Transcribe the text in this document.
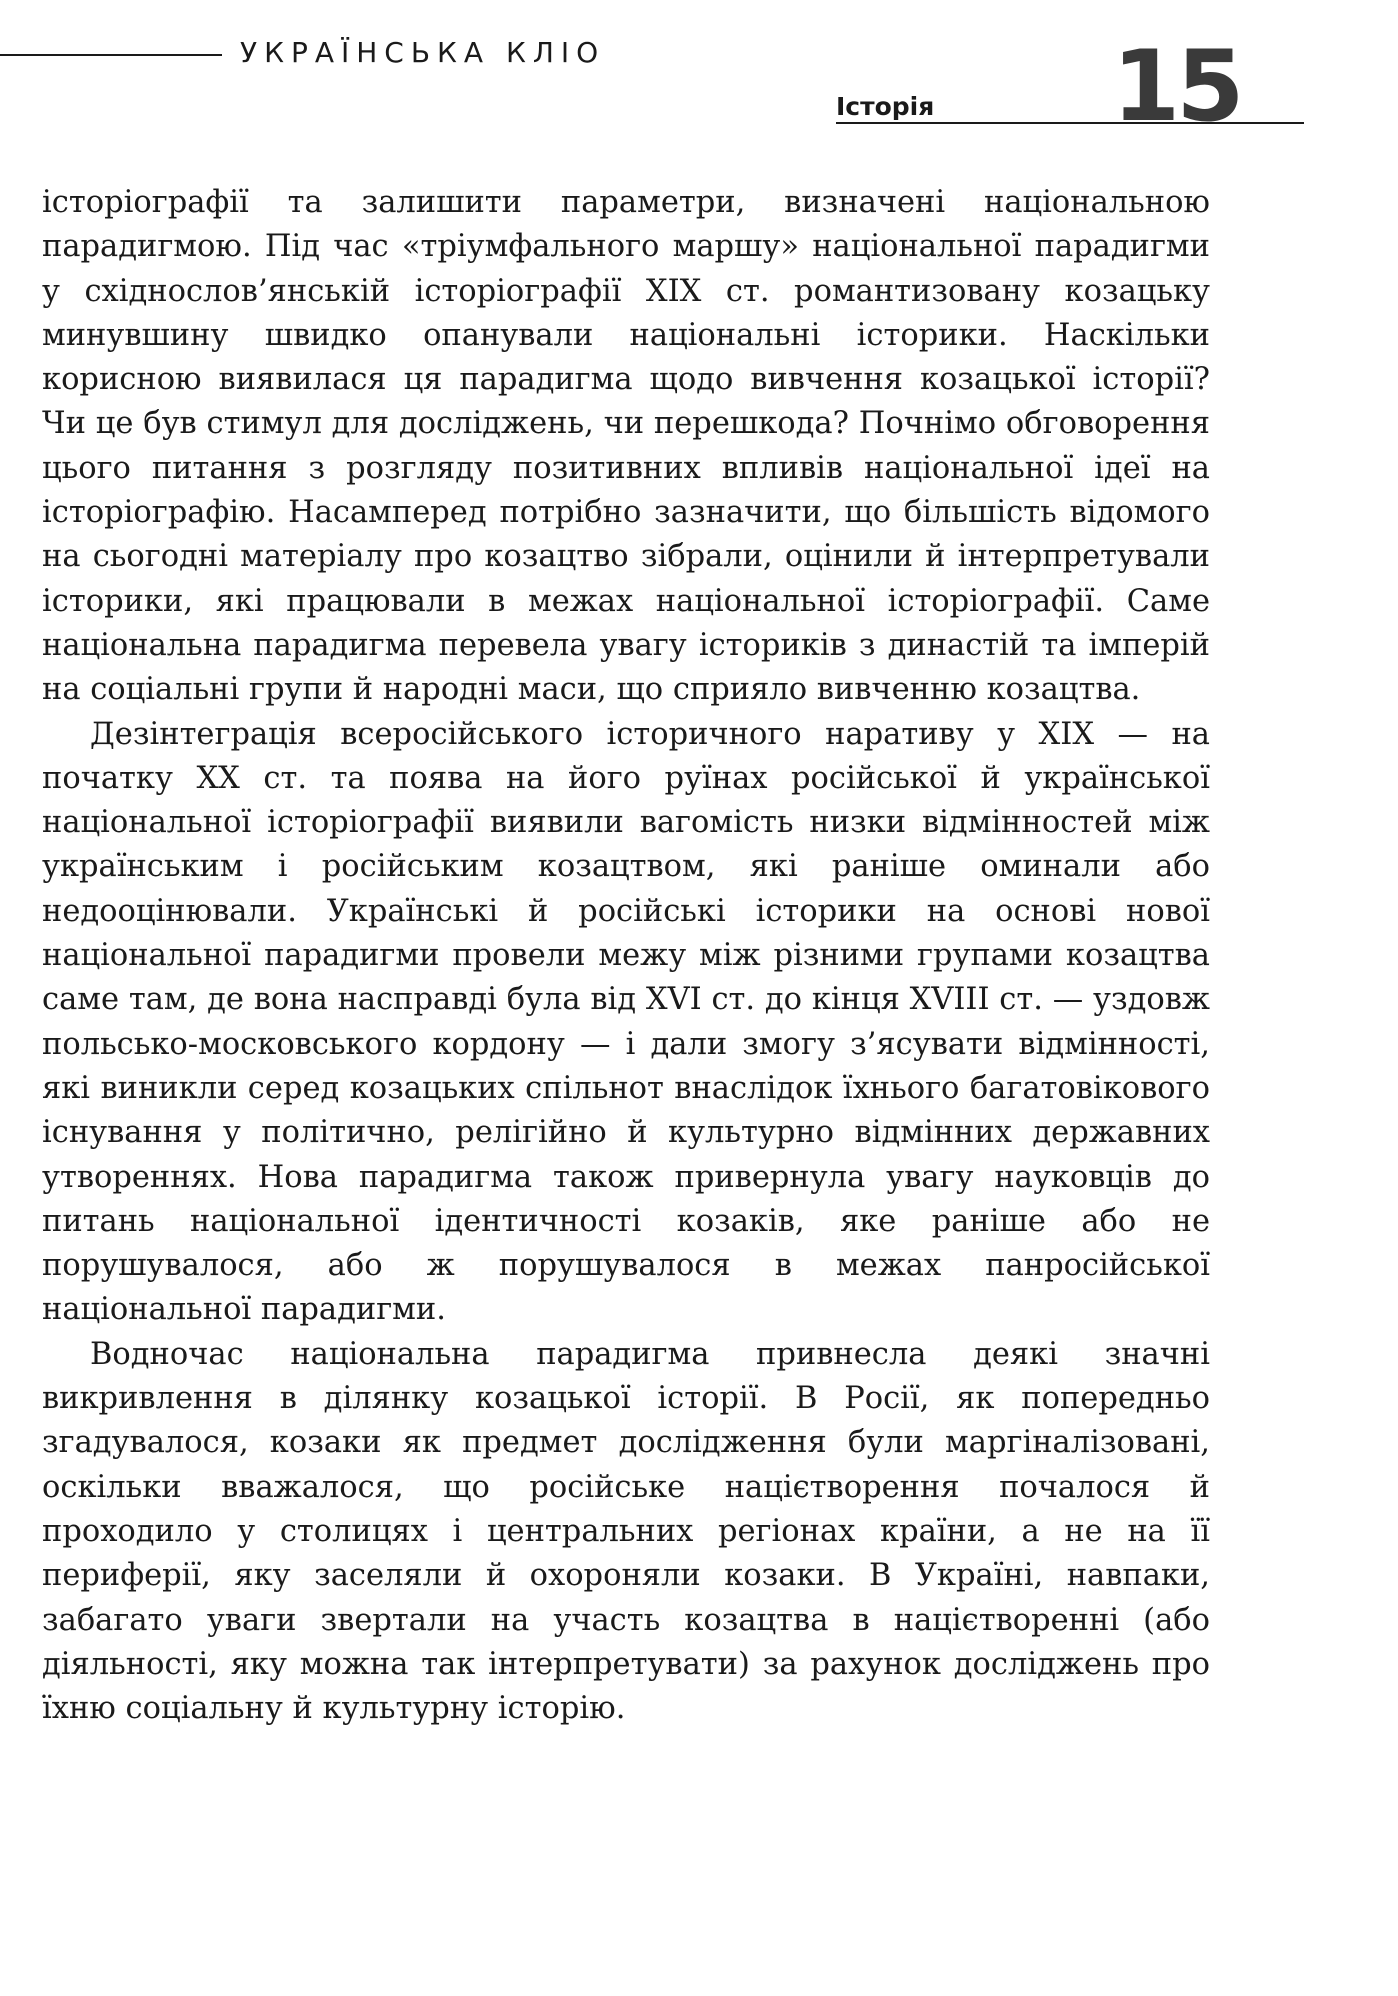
УКРАЇНСЬКА КЛІО
Історія 15

історіографії та залишити параметри, визначені національною парадигмою. Під час «тріумфального маршу» національної парадигми у східнослов’янській історіографії XIX ст. романтизовану козацьку минувшину швидко опанували національні історики. Наскільки корисною виявилася ця парадигма щодо вивчення козацької історії? Чи це був стимул для досліджень, чи перешкода? Почнімо обговорення цього питання з розгляду позитивних впливів національної ідеї на історіографію. Насамперед потрібно зазначити, що більшість відомого на сьогодні матеріалу про козацтво зібрали, оцінили й інтерпретували історики, які працювали в межах національної історіографії. Саме національна парадигма перевела увагу істориків з династій та імперій на соціальні групи й народні маси, що сприяло вивченню козацтва.

Дезінтеграція всеросійського історичного наративу у XIX — на початку XX ст. та поява на його руїнах російської й української національної історіографії виявили вагомість низки відмінностей між українським і російським козацтвом, які раніше оминали або недооцінювали. Українські й російські історики на основі нової національної парадигми провели межу між різними групами козацтва саме там, де вона насправді була від XVI ст. до кінця XVIII ст. — уздовж польсько-московського кордону — і дали змогу з’ясувати відмінності, які виникли серед козацьких спільнот внаслідок їхнього багатовікового існування у політично, релігійно й культурно відмінних державних утвореннях. Нова парадигма також привернула увагу науковців до питань національної ідентичності козаків, яке раніше або не порушувалося, або ж порушувалося в межах панросійської національної парадигми.

Водночас національна парадигма привнесла деякі значні викривлення в ділянку козацької історії. В Росії, як попередньо згадувалося, козаки як предмет дослідження були маргіналізовані, оскільки вважалося, що російське націєтворення почалося й проходило у столицях і центральних регіонах країни, а не на її периферії, яку заселяли й охороняли козаки. В Україні, навпаки, забагато уваги звертали на участь козацтва в націєтворенні (або діяльності, яку можна так інтерпретувати) за рахунок досліджень про їхню соціальну й культурну історію.
